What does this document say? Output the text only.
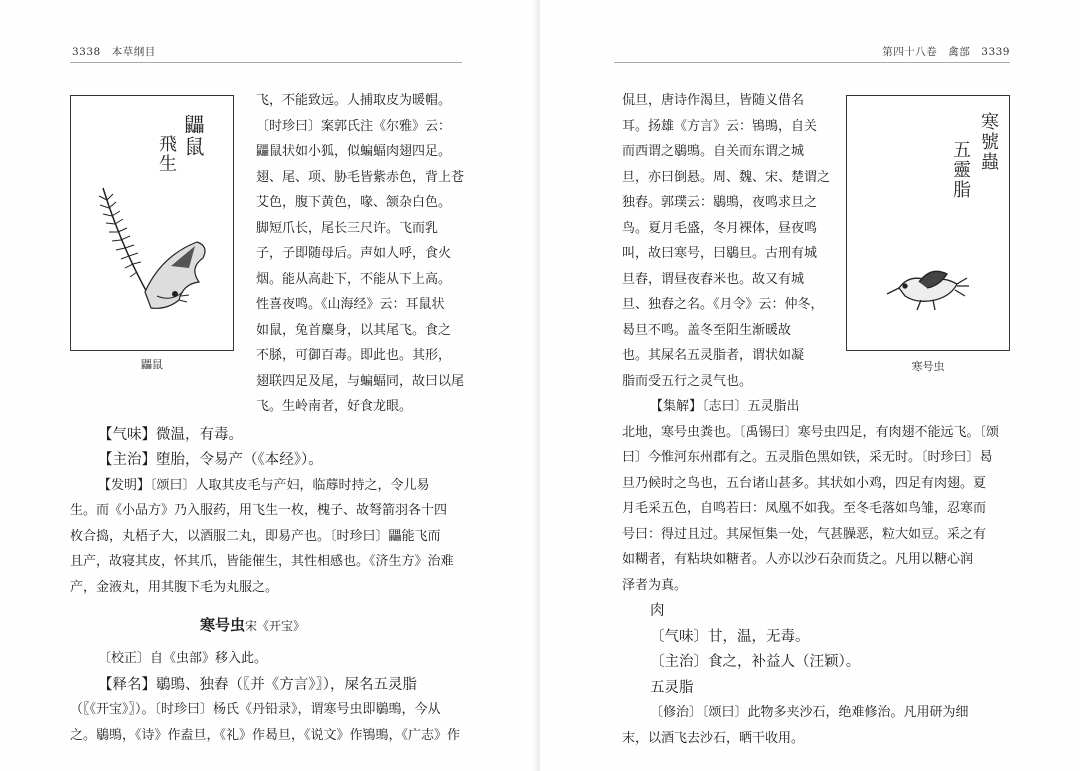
3338　本草纲目
鼺鼠
飛生
鼺鼠
飞，不能致远。人捕取皮为暖帽。
〔时珍曰〕案郭氏注《尔雅》云：
鼺鼠状如小狐，似蝙蝠肉翅四足。
翅、尾、项、胁毛皆紫赤色，背上苍
艾色，腹下黄色，喙、颔杂白色。
脚短爪长，尾长三尺许。飞而乳
子，子即随母后。声如人呼，食火
烟。能从高赴下，不能从下上高。
性喜夜鸣。《山海经》云：耳鼠状
如鼠，兔首麋身，以其尾飞。食之
不脎，可御百毒。即此也。其形，
翅联四足及尾，与蝙蝠同，故曰以尾
飞。生岭南者，好食龙眼。
【气味】微温，有毒。
【主治】堕胎，令易产（《本经》）。
【发明】〔颂曰〕人取其皮毛与产妇，临蓐时持之，令儿易
生。而《小品方》乃入服药，用飞生一枚，槐子、故弩箭羽各十四
枚合捣，丸梧子大，以酒服二丸，即易产也。〔时珍曰〕鼺能飞而
且产，故寝其皮，怀其爪，皆能催生，其性相感也。《济生方》治难
产，金液丸，用其腹下毛为丸服之。
第四十八卷　禽部　3339
侃旦，唐诗作渴旦，皆随义借名
耳。扬雄《方言》云：鴇鴠，自关
而西谓之鶡鴠。自关而东谓之城
旦，亦曰倒悬。周、魏、宋、楚谓之
独舂。郭璞云：鶡鴠，夜鸣求旦之
鸟。夏月毛盛，冬月裸体，昼夜鸣
叫，故曰寒号，曰鶡旦。古刑有城
旦舂，谓昼夜舂米也。故又有城
旦、独舂之名。《月令》云：仲冬，
曷旦不鸣。盖冬至阳生渐暖故
也。其屎名五灵脂者，谓状如凝
脂而受五行之灵气也。
寒號蟲
五靈脂
寒号虫
【集解】〔志曰〕五灵脂出
北地，寒号虫粪也。〔禹锡曰〕寒号虫四足，有肉翅不能远飞。〔颂
曰〕今惟河东州郡有之。五灵脂色黑如铁，采无时。〔时珍曰〕曷
旦乃候时之鸟也，五台诸山甚多。其状如小鸡，四足有肉翅。夏
月毛采五色，自鸣若曰：凤凰不如我。至冬毛落如鸟雏，忍寒而
号曰：得过且过。其屎恒集一处，气甚臊恶，粒大如豆。采之有
如糊者，有粘块如糖者。人亦以沙石杂而货之。凡用以糖心润
泽者为真。
寒号虫宋《开宝》
〔校正〕自《虫部》移入此。
【释名】鶡鴠、独舂（〖并《方言》〗），屎名五灵脂
（〖《开宝》〗）。〔时珍曰〕杨氏《丹铅录》，谓寒号虫即鶡鴠，今从
之。鶡鴠，《诗》作盍旦，《礼》作曷旦，《说文》作鴇鴠，《广志》作
肉
〔气味〕甘，温，无毒。
〔主治〕食之，补益人（汪颖）。
五灵脂
〔修治〕〔颂曰〕此物多夹沙石，绝难修治。凡用研为细
末，以酒飞去沙石，晒干收用。
